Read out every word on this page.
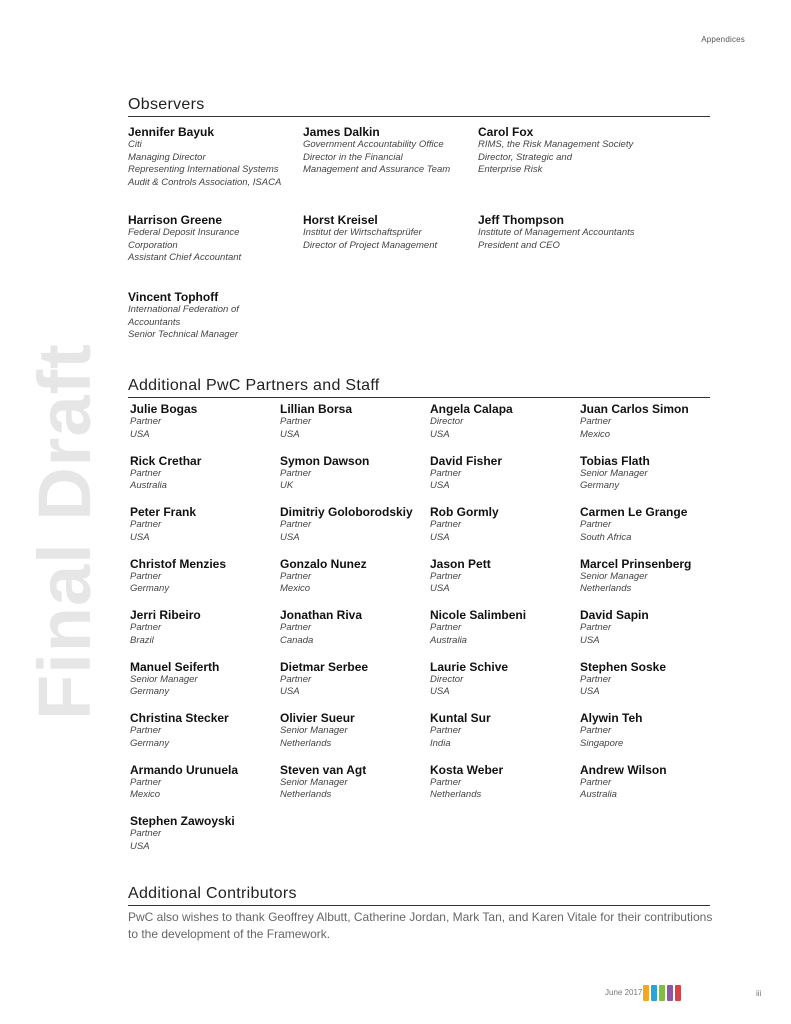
Appendices
Final Draft
Observers
Jennifer Bayuk
Citi
Managing Director
Representing International Systems
Audit & Controls Association, ISACA
James Dalkin
Government Accountability Office
Director in the Financial
Management and Assurance Team
Carol Fox
RIMS, the Risk Management Society
Director, Strategic and
Enterprise Risk
Harrison Greene
Federal Deposit Insurance
Corporation
Assistant Chief Accountant
Horst Kreisel
Institut der Wirtschaftsprüfer
Director of Project Management
Jeff Thompson
Institute of Management Accountants
President and CEO
Vincent Tophoff
International Federation of
Accountants
Senior Technical Manager
Additional PwC Partners and Staff
Julie Bogas
Partner
USA
Lillian Borsa
Partner
USA
Angela Calapa
Director
USA
Juan Carlos Simon
Partner
Mexico
Rick Crethar
Partner
Australia
Symon Dawson
Partner
UK
David Fisher
Partner
USA
Tobias Flath
Senior Manager
Germany
Peter Frank
Partner
USA
Dimitriy Goloborodskiy
Partner
USA
Rob Gormly
Partner
USA
Carmen Le Grange
Partner
South Africa
Christof Menzies
Partner
Germany
Gonzalo Nunez
Partner
Mexico
Jason Pett
Partner
USA
Marcel Prinsenberg
Senior Manager
Netherlands
Jerri Ribeiro
Partner
Brazil
Jonathan Riva
Partner
Canada
Nicole Salimbeni
Partner
Australia
David Sapin
Partner
USA
Manuel Seiferth
Senior Manager
Germany
Dietmar Serbee
Partner
USA
Laurie Schive
Director
USA
Stephen Soske
Partner
USA
Christina Stecker
Partner
Germany
Olivier Sueur
Senior Manager
Netherlands
Kuntal Sur
Partner
India
Alywin Teh
Partner
Singapore
Armando Urunuela
Partner
Mexico
Steven van Agt
Senior Manager
Netherlands
Kosta Weber
Partner
Netherlands
Andrew Wilson
Partner
Australia
Stephen Zawoyski
Partner
USA
Additional Contributors
PwC also wishes to thank Geoffrey Albutt, Catherine Jordan, Mark Tan, and Karen Vitale for their contributions to the development of the Framework.
June 2017	iii
